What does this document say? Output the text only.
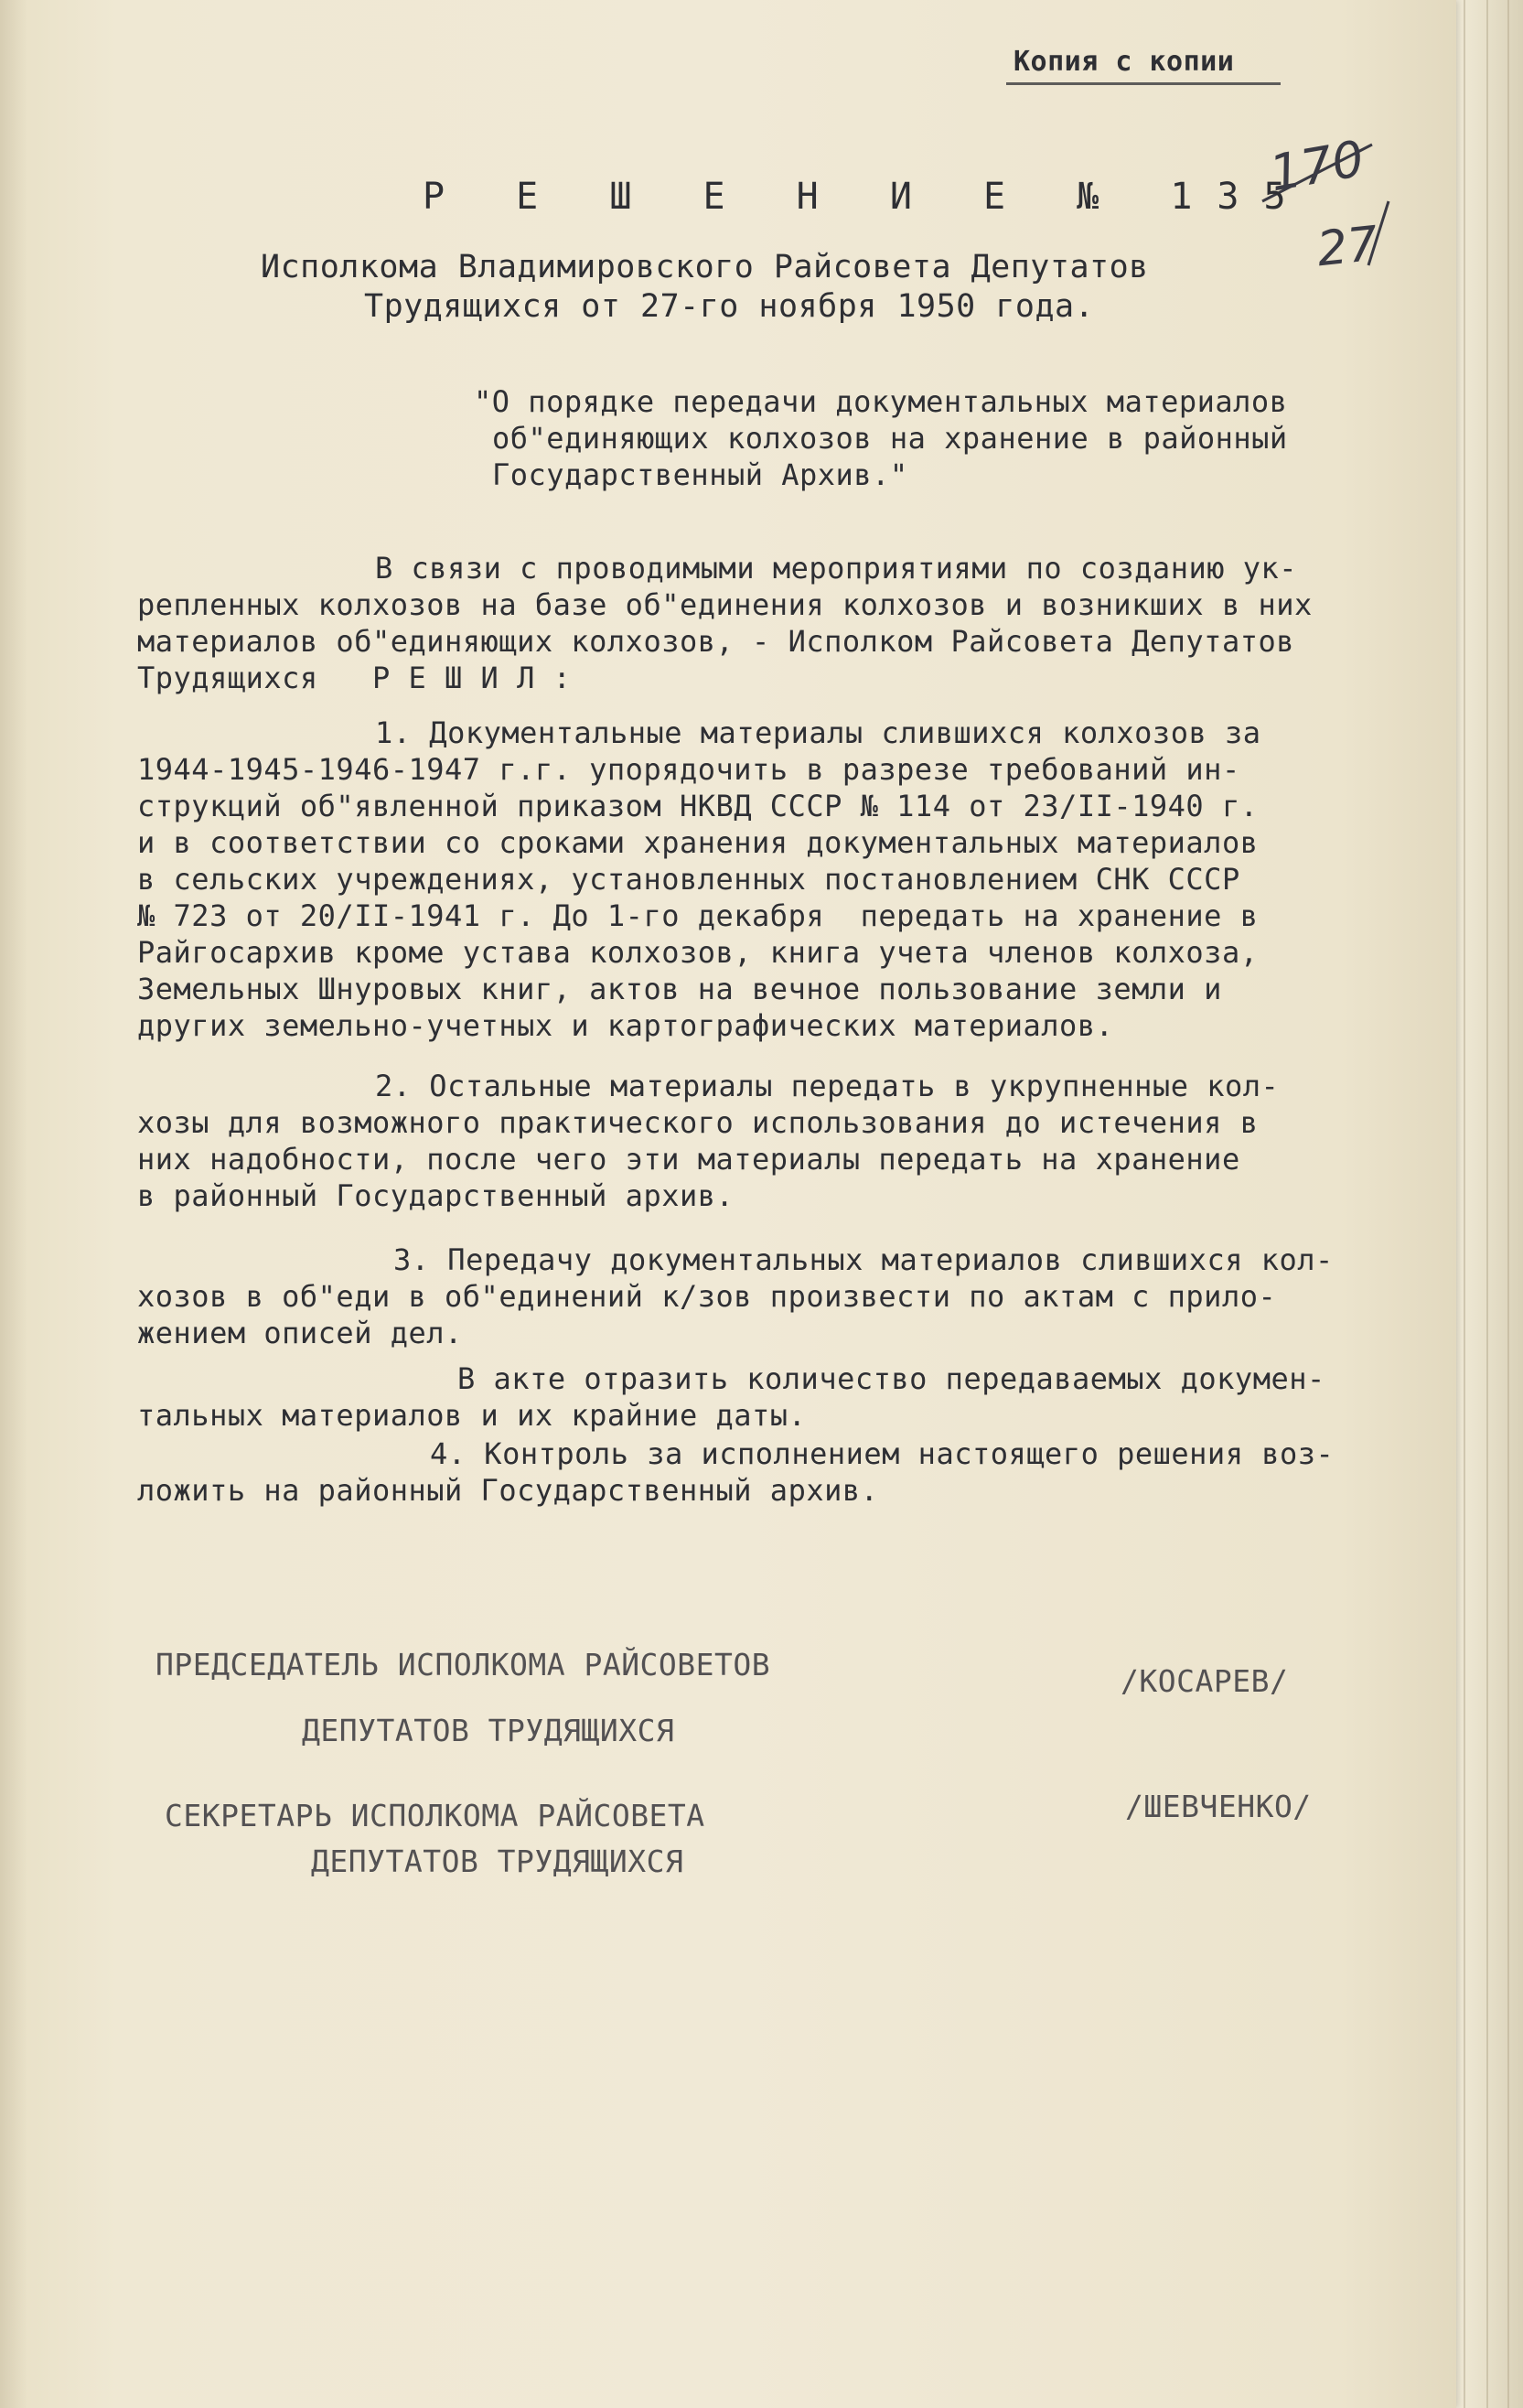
Копия с копии
170
27
Р Е Ш Е Н И Е № 135
Исполкома Владимировского Райсовета Депутатов
Трудящихся от 27-го ноября 1950 года.
"О порядке передачи документальных материалов
об"единяющих колхозов на хранение в районный
Государственный Архив."
В связи с проводимыми мероприятиями по созданию ук-
репленных колхозов на базе об"единения колхозов и возникших в них
материалов об"единяющих колхозов, - Исполком Райсовета Депутатов
Трудящихся   Р Е Ш И Л :
1. Документальные материалы слившихся колхозов за
1944-1945-1946-1947 г.г. упорядочить в разрезе требований ин-
струкций об"явленной приказом НКВД СССР № 114 от 23/II-1940 г.
и в соответствии со сроками хранения документальных материалов
в сельских учреждениях, установленных постановлением СНК СССР
№ 723 от 20/II-1941 г. До 1-го декабря  передать на хранение в
Райгосархив кроме устава колхозов, книга учета членов колхоза,
Земельных Шнуровых книг, актов на вечное пользование земли и
других земельно-учетных и картографических материалов.
2. Остальные материалы передать в укрупненные кол-
хозы для возможного практического использования до истечения в
них надобности, после чего эти материалы передать на хранение
в районный Государственный архив.
3. Передачу документальных материалов слившихся кол-
хозов в об"еди в об"единений к/зов произвести по актам с прило-
жением описей дел.
В акте отразить количество передаваемых докумен-
тальных материалов и их крайние даты.
4. Контроль за исполнением настоящего решения воз-
ложить на районный Государственный архив.
ПРЕДСЕДАТЕЛЬ ИСПОЛКОМА РАЙСОВЕТОВ
ДЕПУТАТОВ ТРУДЯЩИХСЯ
/КОСАРЕВ/
СЕКРЕТАРЬ ИСПОЛКОМА РАЙСОВЕТА
ДЕПУТАТОВ ТРУДЯЩИХСЯ
/ШЕВЧЕНКО/
